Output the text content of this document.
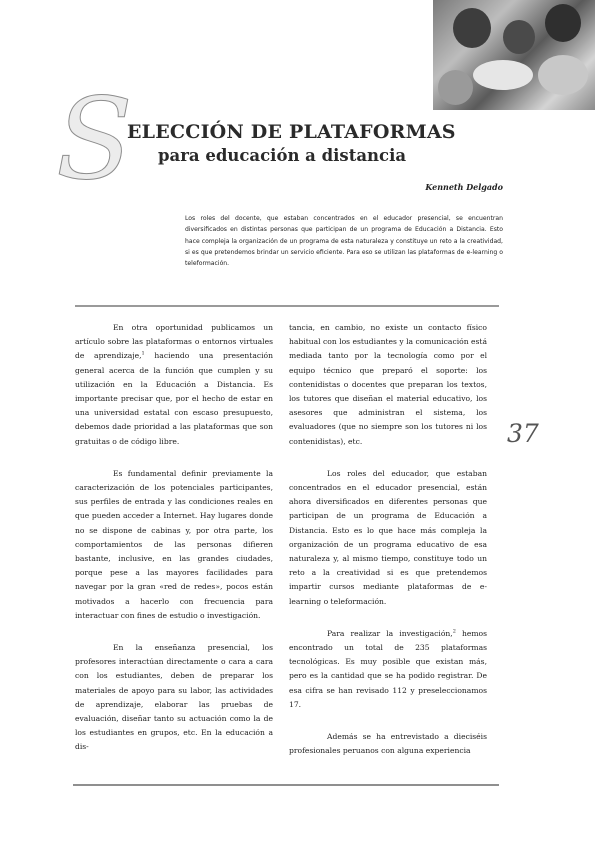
S
ELECCIÓN DE PLATAFORMAS
para educación a distancia
Kenneth Delgado
Los roles del docente, que estaban concentrados en el educador presencial, se encuentran diversificados en distintas personas que participan de un programa de Educación a Distancia. Esto hace compleja la organización de un programa de esta naturaleza y constituye un reto a la creatividad, si es que pretendemos brindar un servicio eficiente. Para eso se utilizan las plataformas de e-learning o teleformación.

En otra oportunidad publicamos un artículo sobre las plataformas o entornos virtuales de aprendizaje,$^1$ haciendo una presentación general acerca de la función que cumplen y su utilización en la Educación a Distancia. Es importante precisar que, por el hecho de estar en una universidad estatal con escaso presupuesto, debemos dade prioridad a las plataformas que son gratuitas o de código libre.

Es fundamental definir previamente la caracterización de los potenciales participantes, sus perfiles de entrada y las condiciones reales en que pueden acceder a Internet. Hay lugares donde no se dispone de cabinas y, por otra parte, los comportamientos de las personas difieren bastante, inclusive, en las grandes ciudades, porque pese a las mayores facilidades para navegar por la gran «red de redes», pocos están motivados a hacerlo con frecuencia para interactuar con fines de estudio o investigación.

En la enseñanza presencial, los profesores interactúan directamente o cara a cara con los estudiantes, deben de preparar los materiales de apoyo para su labor, las actividades de aprendizaje, elaborar las pruebas de evaluación, diseñar tanto su actuación como la de los estudiantes en grupos, etc. En la educación a dis-

tancia, en cambio, no existe un contacto físico habitual con los estudiantes y la comunicación está mediada tanto por la tecnología como por el equipo técnico que preparó el soporte: los contenidistas o docentes que preparan los textos, los tutores que diseñan el material educativo, los asesores que administran el sistema, los evaluadores (que no siempre son los tutores ni los contenidistas), etc.

Los roles del educador, que estaban concentrados en el educador presencial, están ahora diversificados en diferentes personas que participan de un programa de Educación a Distancia. Esto es lo que hace más compleja la organización de un programa educativo de esa naturaleza y, al mismo tiempo, constituye todo un reto a la creatividad si es que pretendemos impartir cursos mediante plataformas de e-learning o teleformación.

Para realizar la investigación,$^2$ hemos encontrado un total de 235 plataformas tecnológicas. Es muy posible que existan más, pero es la cantidad que se ha podido registrar. De esa cifra se han revisado 112 y preseleccionamos 17.

Además se ha entrevistado a dieciséis profesionales peruanos con alguna experiencia

37
